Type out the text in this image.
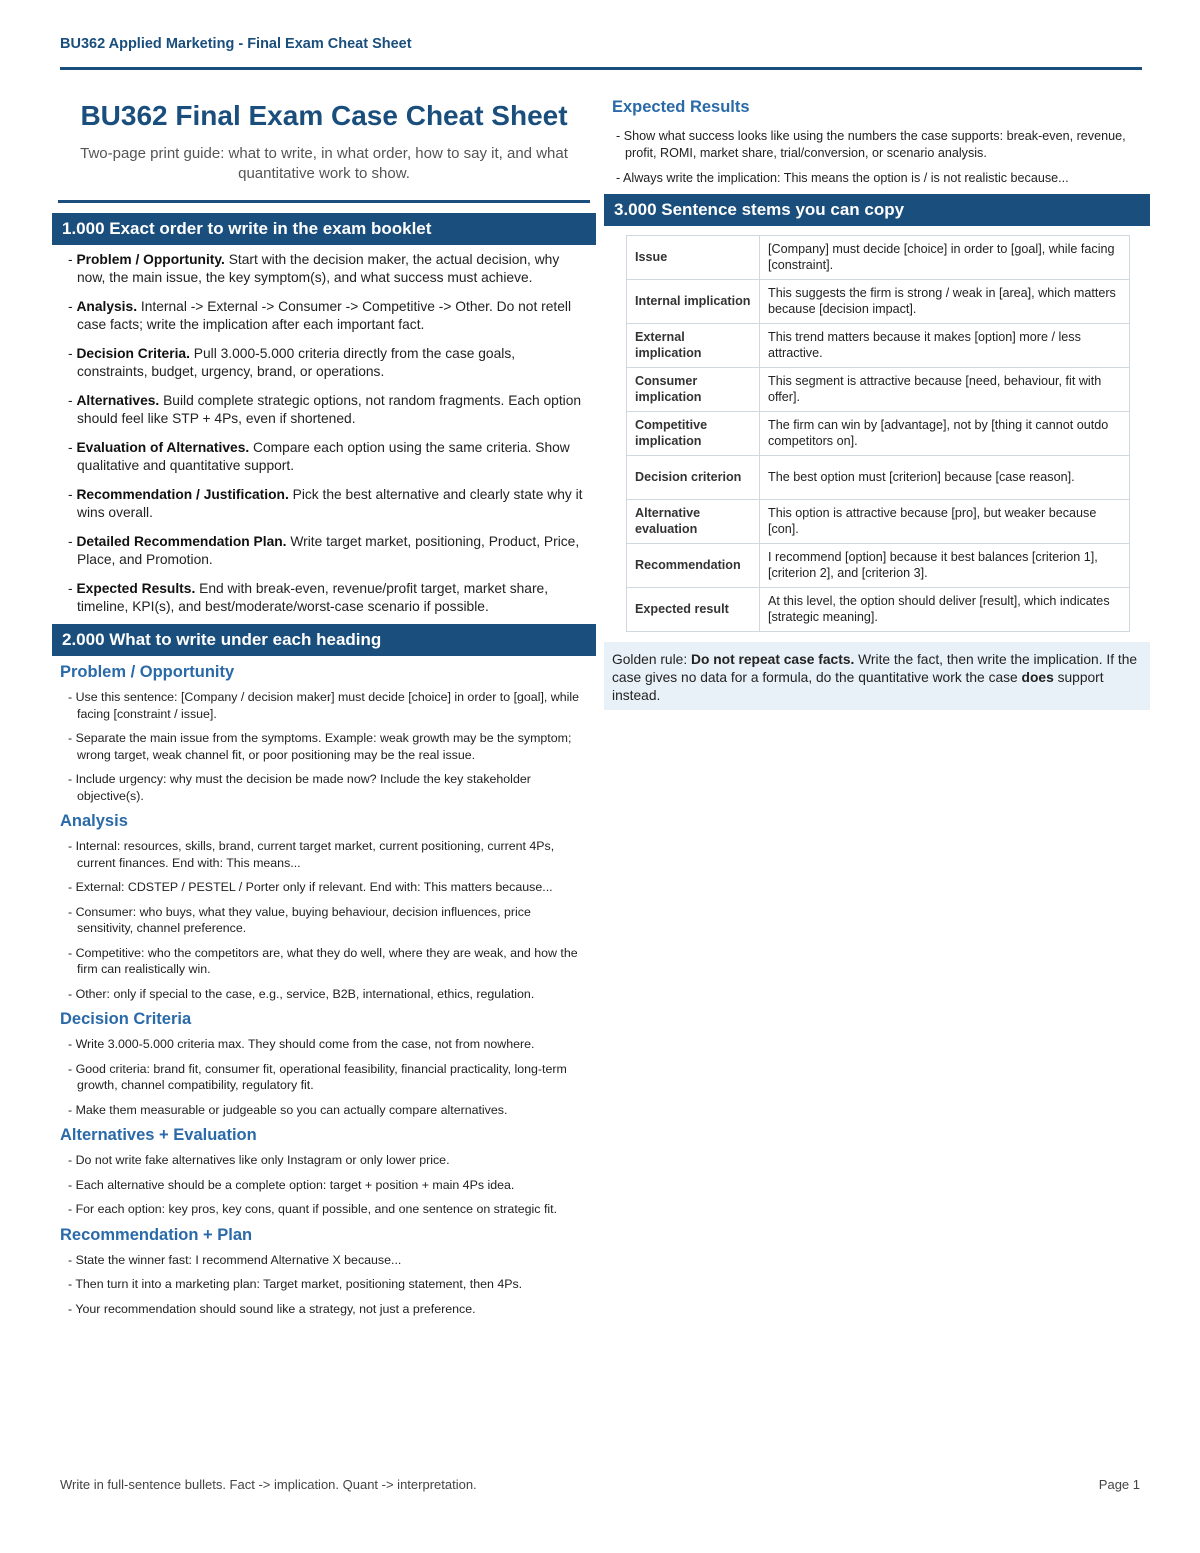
BU362 Applied Marketing - Final Exam Cheat Sheet
BU362 Final Exam Case Cheat Sheet
Two-page print guide: what to write, in what order, how to say it, and what quantitative work to show.
1.000 Exact order to write in the exam booklet
- Problem / Opportunity. Start with the decision maker, the actual decision, why now, the main issue, the key symptom(s), and what success must achieve.
- Analysis. Internal -> External -> Consumer -> Competitive -> Other. Do not retell case facts; write the implication after each important fact.
- Decision Criteria. Pull 3.000-5.000 criteria directly from the case goals, constraints, budget, urgency, brand, or operations.
- Alternatives. Build complete strategic options, not random fragments. Each option should feel like STP + 4Ps, even if shortened.
- Evaluation of Alternatives. Compare each option using the same criteria. Show qualitative and quantitative support.
- Recommendation / Justification. Pick the best alternative and clearly state why it wins overall.
- Detailed Recommendation Plan. Write target market, positioning, Product, Price, Place, and Promotion.
- Expected Results. End with break-even, revenue/profit target, market share, timeline, KPI(s), and best/moderate/worst-case scenario if possible.
2.000 What to write under each heading
Problem / Opportunity
- Use this sentence: [Company / decision maker] must decide [choice] in order to [goal], while facing [constraint / issue].
- Separate the main issue from the symptoms. Example: weak growth may be the symptom; wrong target, weak channel fit, or poor positioning may be the real issue.
- Include urgency: why must the decision be made now? Include the key stakeholder objective(s).
Analysis
- Internal: resources, skills, brand, current target market, current positioning, current 4Ps, current finances. End with: This means...
- External: CDSTEP / PESTEL / Porter only if relevant. End with: This matters because...
- Consumer: who buys, what they value, buying behaviour, decision influences, price sensitivity, channel preference.
- Competitive: who the competitors are, what they do well, where they are weak, and how the firm can realistically win.
- Other: only if special to the case, e.g., service, B2B, international, ethics, regulation.
Decision Criteria
- Write 3.000-5.000 criteria max. They should come from the case, not from nowhere.
- Good criteria: brand fit, consumer fit, operational feasibility, financial practicality, long-term growth, channel compatibility, regulatory fit.
- Make them measurable or judgeable so you can actually compare alternatives.
Alternatives + Evaluation
- Do not write fake alternatives like only Instagram or only lower price.
- Each alternative should be a complete option: target + position + main 4Ps idea.
- For each option: key pros, key cons, quant if possible, and one sentence on strategic fit.
Recommendation + Plan
- State the winner fast: I recommend Alternative X because...
- Then turn it into a marketing plan: Target market, positioning statement, then 4Ps.
- Your recommendation should sound like a strategy, not just a preference.
Expected Results
- Show what success looks like using the numbers the case supports: break-even, revenue, profit, ROMI, market share, trial/conversion, or scenario analysis.
- Always write the implication: This means the option is / is not realistic because...
3.000 Sentence stems you can copy
Issue	[Company] must decide [choice] in order to [goal], while facing [constraint].
Internal implication	This suggests the firm is strong / weak in [area], which matters because [decision impact].
External implication	This trend matters because it makes [option] more / less attractive.
Consumer implication	This segment is attractive because [need, behaviour, fit with offer].
Competitive implication	The firm can win by [advantage], not by [thing it cannot outdo competitors on].
Decision criterion	The best option must [criterion] because [case reason].
Alternative evaluation	This option is attractive because [pro], but weaker because [con].
Recommendation	I recommend [option] because it best balances [criterion 1], [criterion 2], and [criterion 3].
Expected result	At this level, the option should deliver [result], which indicates [strategic meaning].
Golden rule: Do not repeat case facts. Write the fact, then write the implication. If the case gives no data for a formula, do the quantitative work the case does support instead.
Write in full-sentence bullets. Fact -> implication. Quant -> interpretation.	Page 1
